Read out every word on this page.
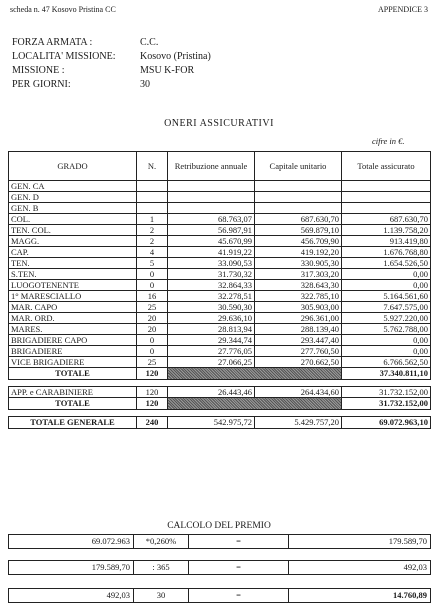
scheda n. 47 Kosovo Pristina CC	APPENDICE 3
FORZA ARMATA :	C.C.
LOCALITA' MISSIONE: Kosovo (Pristina)
MISSIONE :	MSU K-FOR
PER GIORNI:	30
ONERI ASSICURATIVI
cifre in €.
GRADO	N.	Retribuzione annuale	Capitale unitario	Totale assicurato
GEN. CA				
GEN. D				
GEN. B				
COL.	1	68.763,07	687.630,70	687.630,70
TEN. COL.	2	56.987,91	569.879,10	1.139.758,20
MAGG.	2	45.670,99	456.709,90	913.419,80
CAP.	4	41.919,22	419.192,20	1.676.768,80
TEN.	5	33.090,53	330.905,30	1.654.526,50
S.TEN.	0	31.730,32	317.303,20	0,00
LUOGOTENENTE	0	32.864,33	328.643,30	0,00
1° MARESCIALLO	16	32.278,51	322.785,10	5.164.561,60
MAR. CAPO	25	30.590,30	305.903,00	7.647.575,00
MAR. ORD.	20	29.636,10	296.361,00	5.927.220,00
MARES.	20	28.813,94	288.139,40	5.762.788,00
BRIGADIERE CAPO	0	29.344,74	293.447,40	0,00
BRIGADIERE	0	27.776,05	277.760,50	0,00
VICE BRIGADIERE	25	27.066,25	270.662,50	6.766.562,50
TOTALE	120			37.340.811,10

APP. e CARABINIERE	120	26.443,46	264.434,60	31.732.152,00
TOTALE	120			31.732.152,00

TOTALE GENERALE	240	542.975,72	5.429.757,20	69.072.963,10
CALCOLO DEL PREMIO
69.072.963	*0,260%	=	179.589,70
179.589,70	: 365	=	492,03
492,03	30	=	14.760,89
